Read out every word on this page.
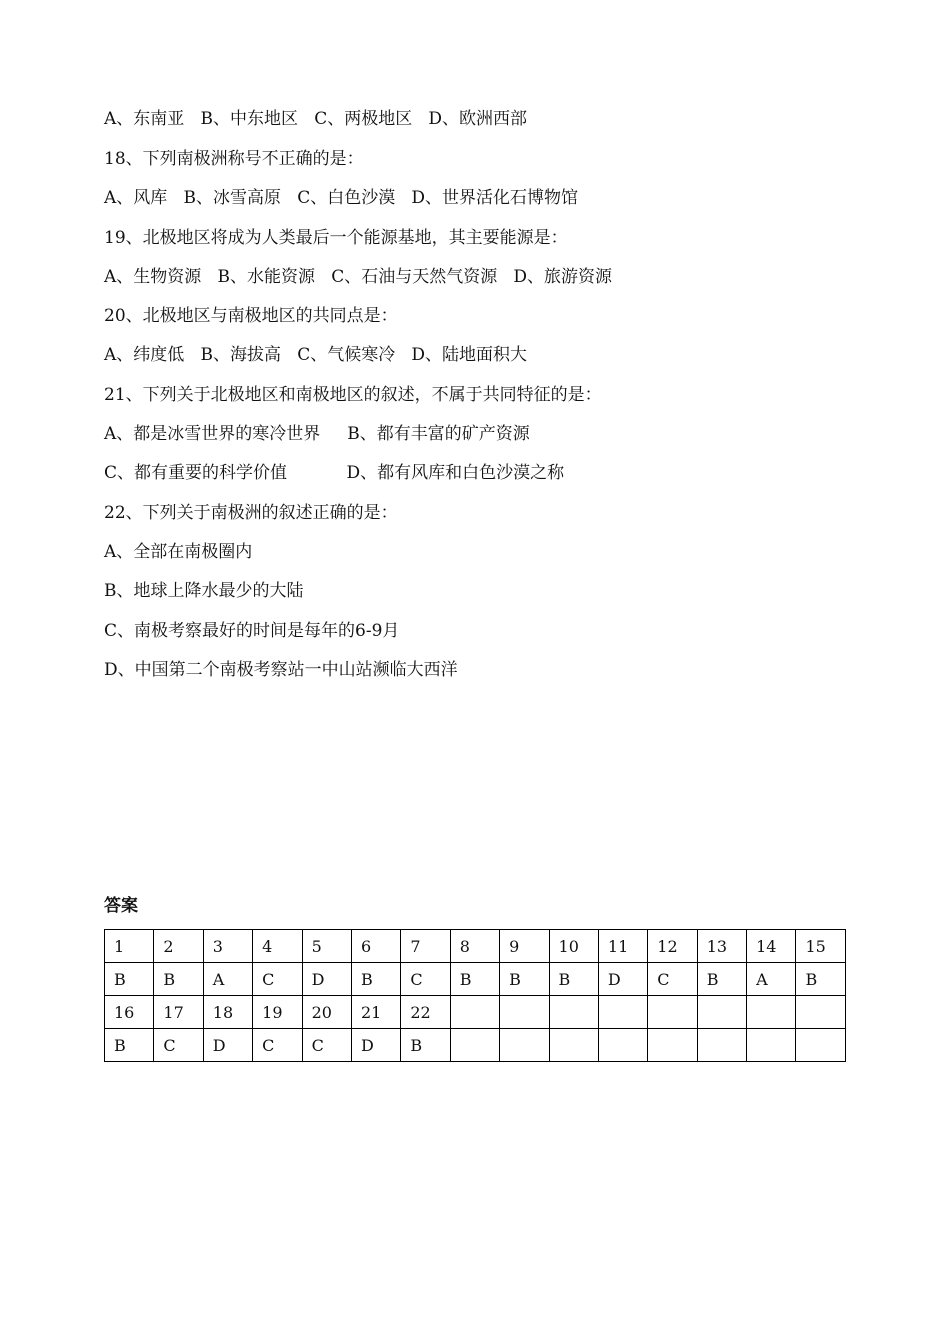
A、东南亚   B、中东地区   C、两极地区   D、欧洲西部
18、下列南极洲称号不正确的是：
A、风库   B、冰雪高原   C、白色沙漠   D、世界活化石博物馆
19、北极地区将成为人类最后一个能源基地，其主要能源是：
A、生物资源   B、水能资源   C、石油与天然气资源   D、旅游资源
20、北极地区与南极地区的共同点是：
A、纬度低   B、海拔高   C、气候寒冷   D、陆地面积大
21、下列关于北极地区和南极地区的叙述，不属于共同特征的是：
A、都是冰雪世界的寒冷世界     B、都有丰富的矿产资源
C、都有重要的科学价值           D、都有风库和白色沙漠之称
22、下列关于南极洲的叙述正确的是：
A、全部在南极圈内
B、地球上降水最少的大陆
C、南极考察最好的时间是每年的6-9月
D、中国第二个南极考察站一中山站濒临大西洋
答案
1	2	3	4	5	6	7	8	9	10	11	12	13	14	15
B	B	A	C	D	B	C	B	B	B	D	C	B	A	B
16	17	18	19	20	21	22								
B	C	D	C	C	D	B								
